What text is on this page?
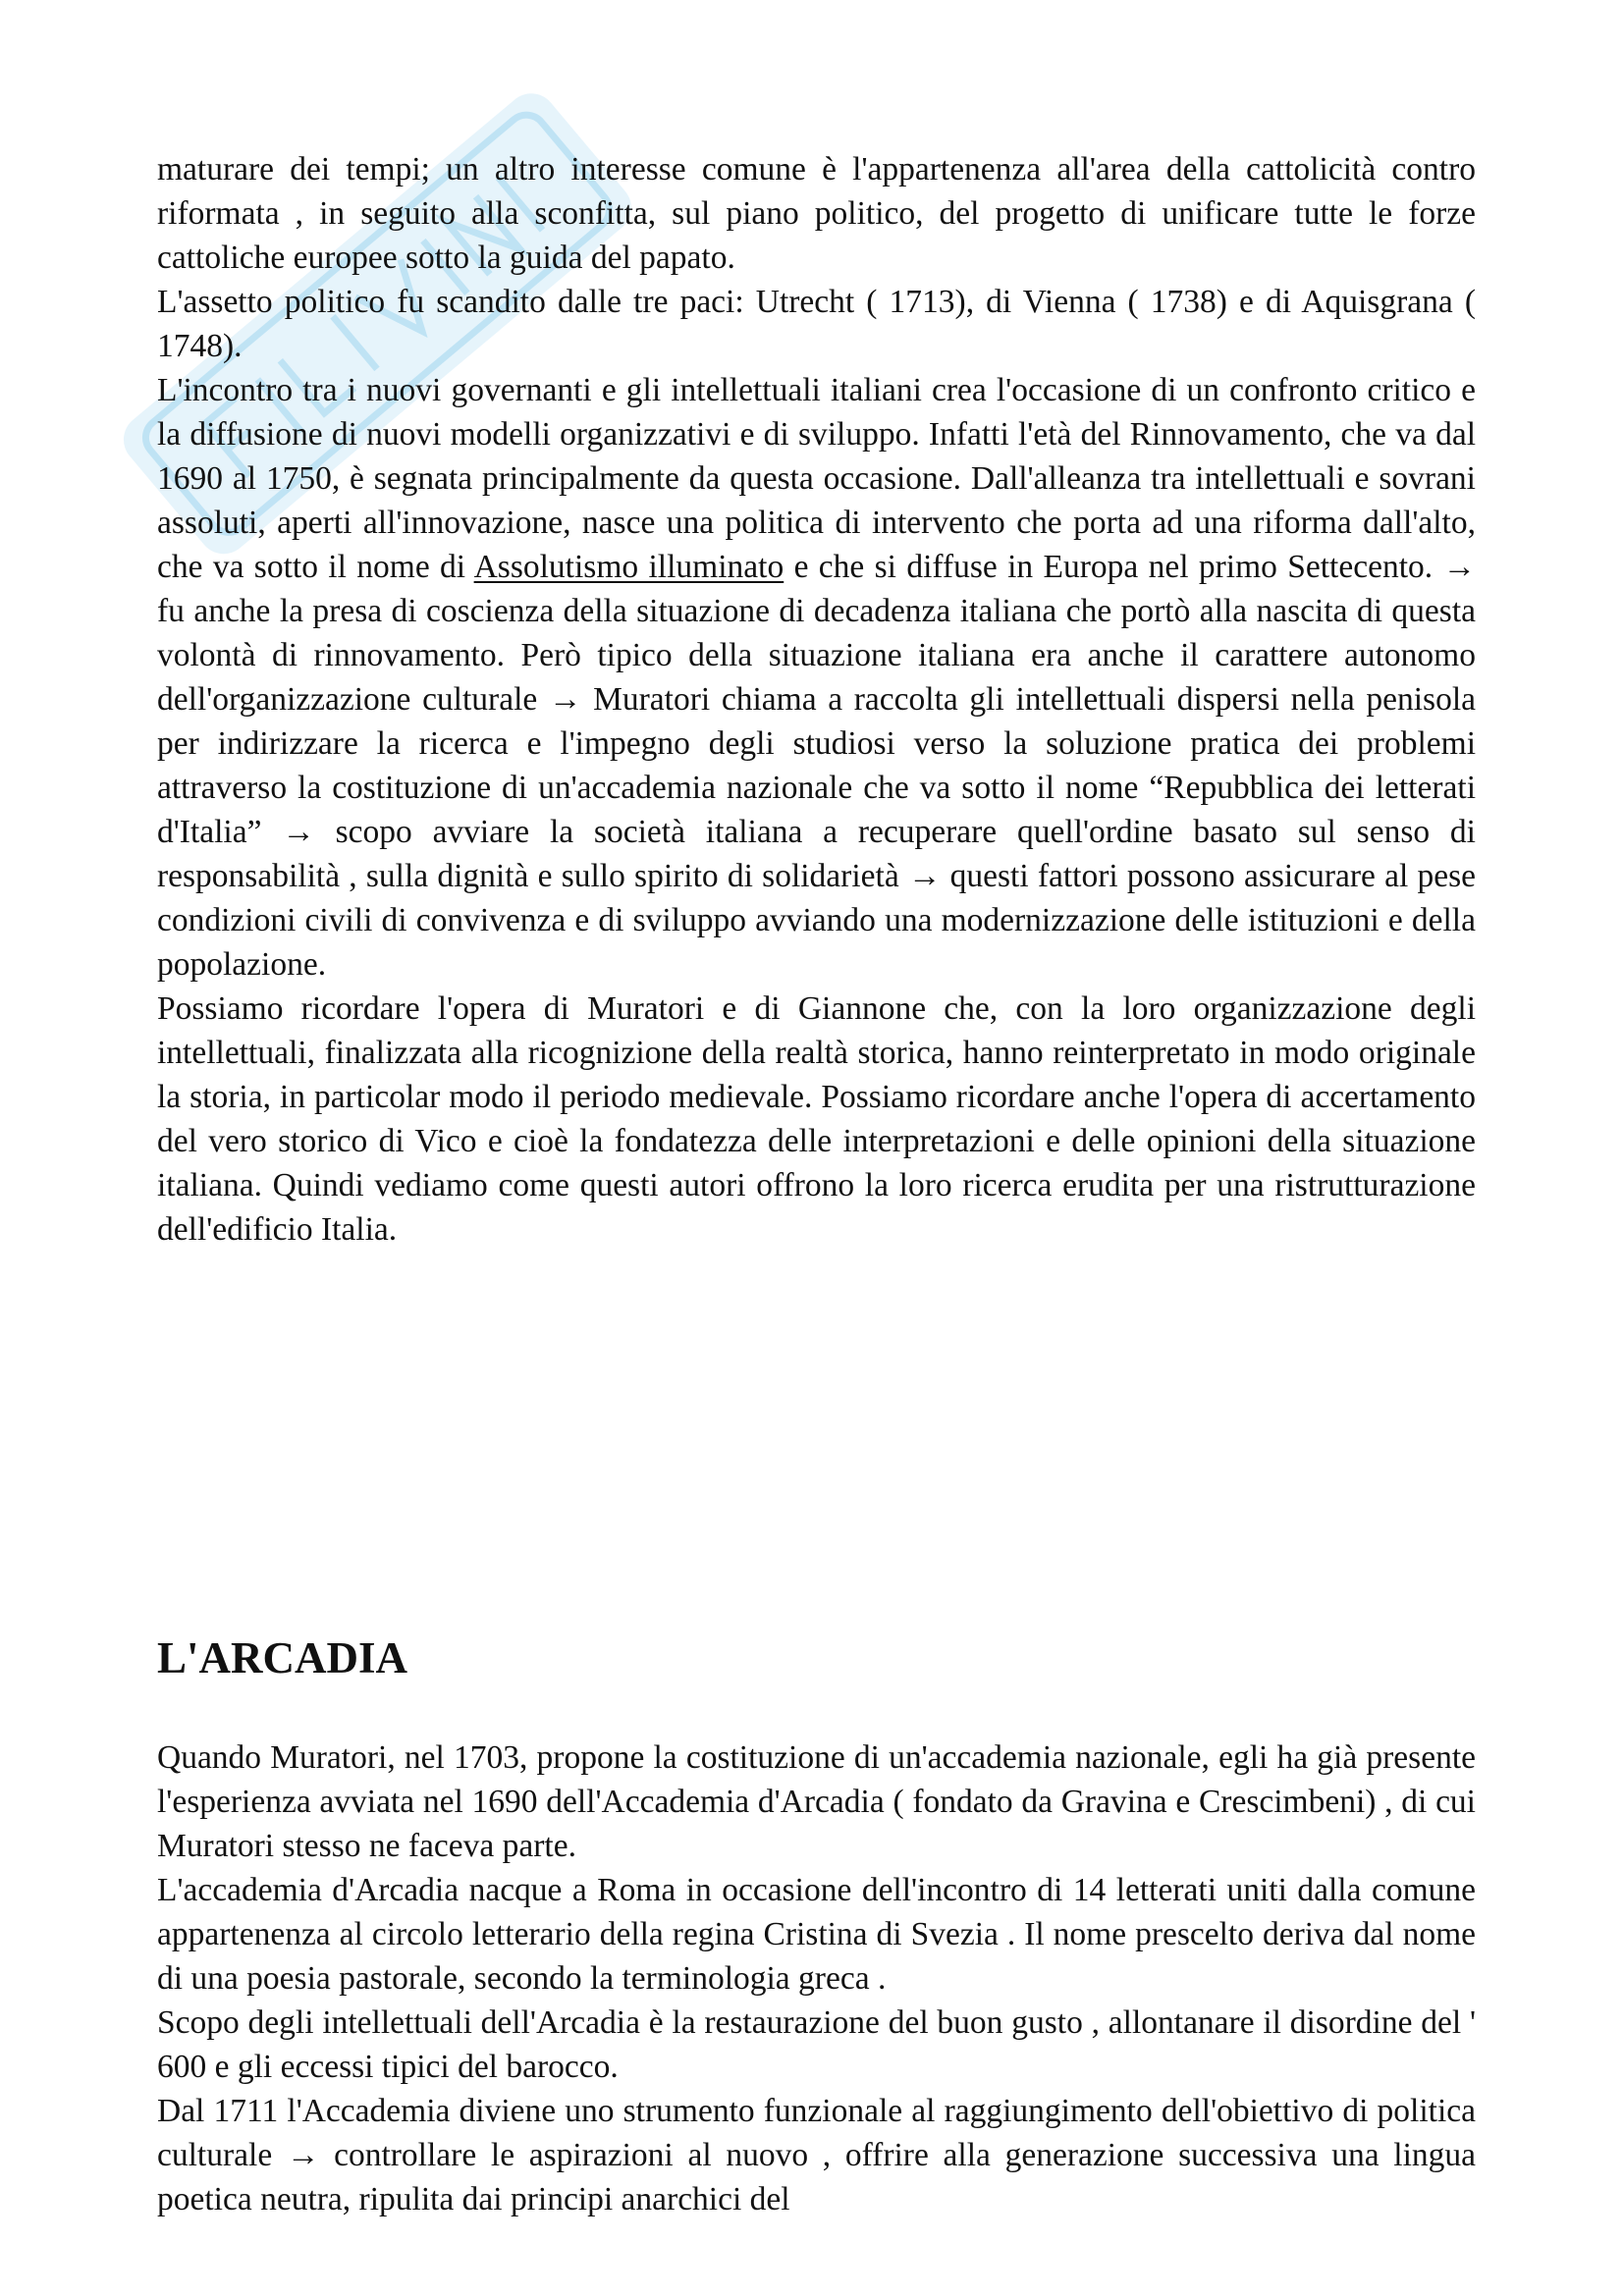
maturare dei tempi; un altro interesse comune è l'appartenenza all'area della cattolicità contro riformata , in seguito alla sconfitta, sul piano politico, del progetto di unificare tutte le forze cattoliche europee sotto la guida del papato.

L'assetto politico fu scandito dalle tre paci: Utrecht ( 1713), di Vienna ( 1738) e di Aquisgrana ( 1748).

L'incontro tra i nuovi governanti e gli intellettuali italiani crea l'occasione di un confronto critico e la diffusione di nuovi modelli organizzativi e di sviluppo. Infatti l'età del Rinnovamento, che va dal 1690 al 1750, è segnata principalmente da questa occasione. Dall'alleanza tra intellettuali e sovrani assoluti, aperti all'innovazione, nasce una politica di intervento che porta ad una riforma dall'alto, che va sotto il nome di Assolutismo illuminato e che si diffuse in Europa nel primo Settecento. → fu anche la presa di coscienza della situazione di decadenza italiana che portò alla nascita di questa volontà di rinnovamento. Però tipico della situazione italiana era anche il carattere autonomo dell'organizzazione culturale → Muratori chiama a raccolta gli intellettuali dispersi nella penisola per indirizzare la ricerca e l'impegno degli studiosi verso la soluzione pratica dei problemi attraverso la costituzione di un'accademia nazionale che va sotto il nome “Repubblica dei letterati d'Italia” → scopo avviare la società italiana a recuperare quell'ordine basato sul senso di responsabilità , sulla dignità e sullo spirito di solidarietà → questi fattori possono assicurare al pese condizioni civili di convivenza e di sviluppo avviando una modernizzazione delle istituzioni e della popolazione.

Possiamo ricordare l'opera di Muratori e di Giannone che, con la loro organizzazione degli intellettuali, finalizzata alla ricognizione della realtà storica, hanno reinterpretato in modo originale la storia, in particolar modo il periodo medievale. Possiamo ricordare anche l'opera di accertamento del vero storico di Vico e cioè la fondatezza delle interpretazioni e delle opinioni della situazione italiana. Quindi vediamo come questi autori offrono la loro ricerca erudita per una ristrutturazione dell'edificio Italia.

L'ARCADIA

Quando Muratori, nel 1703, propone la costituzione di un'accademia nazionale, egli ha già presente l'esperienza avviata nel 1690 dell'Accademia d'Arcadia ( fondato da Gravina e Crescimbeni) , di cui Muratori stesso ne faceva parte.

L'accademia d'Arcadia nacque a Roma in occasione dell'incontro di 14 letterati uniti dalla comune appartenenza al circolo letterario della regina Cristina di Svezia . Il nome prescelto deriva dal nome di una poesia pastorale, secondo la terminologia greca .

Scopo degli intellettuali dell'Arcadia è la restaurazione del buon gusto , allontanare il disordine del ' 600 e gli eccessi tipici del barocco.

Dal 1711 l'Accademia diviene uno strumento funzionale al raggiungimento dell'obiettivo di politica culturale → controllare le aspirazioni al nuovo , offrire alla generazione successiva una lingua poetica neutra, ripulita dai principi anarchici del
